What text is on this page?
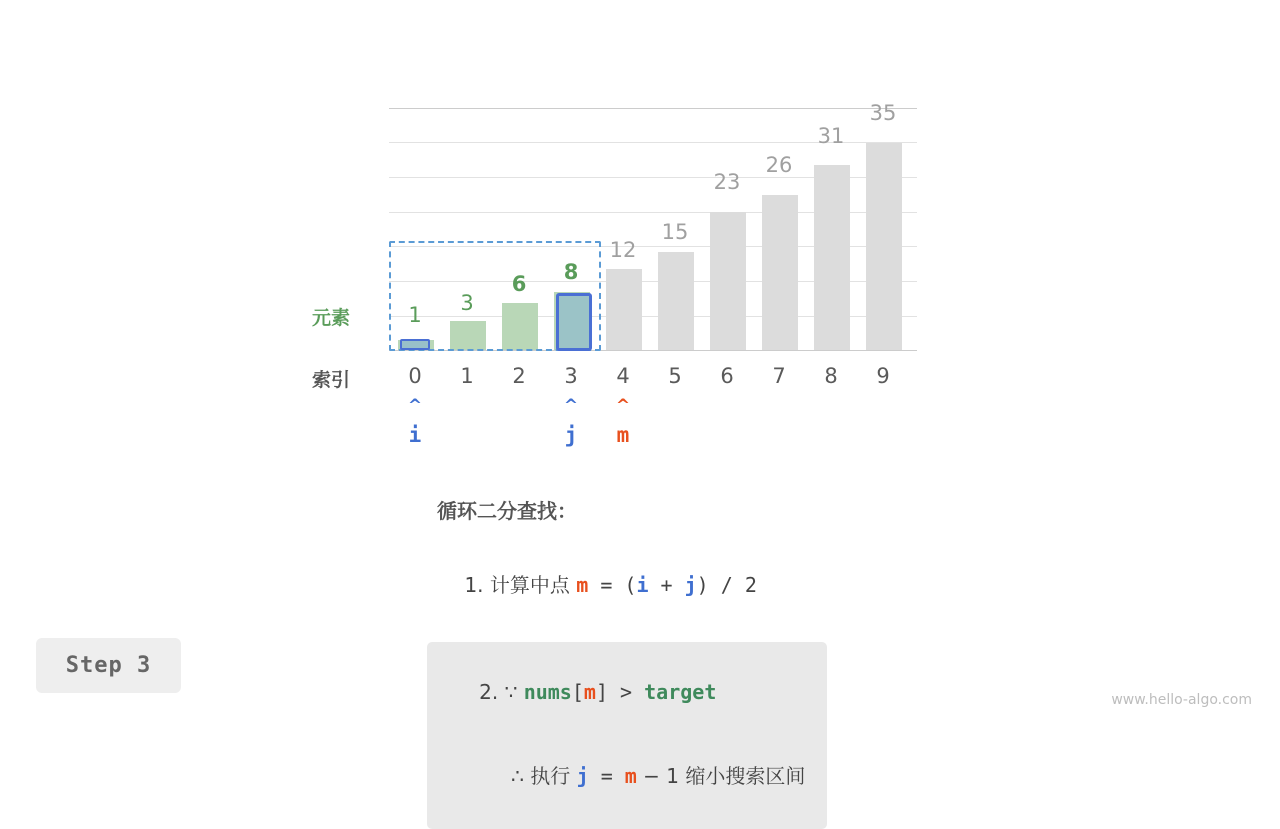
1	3
6	8
12
15
23
26
31
35
元素
索引	0	1	2	3	4	5	6	7	8	9
^	^	^
i	j	m
循环二分查找：

1. 计算中点 m = (i + j) / 2

2. ∵ nums[m] > target

∴ 执行 j = m − 1 缩小搜索区间

Step 3
www.hello-algo.com
